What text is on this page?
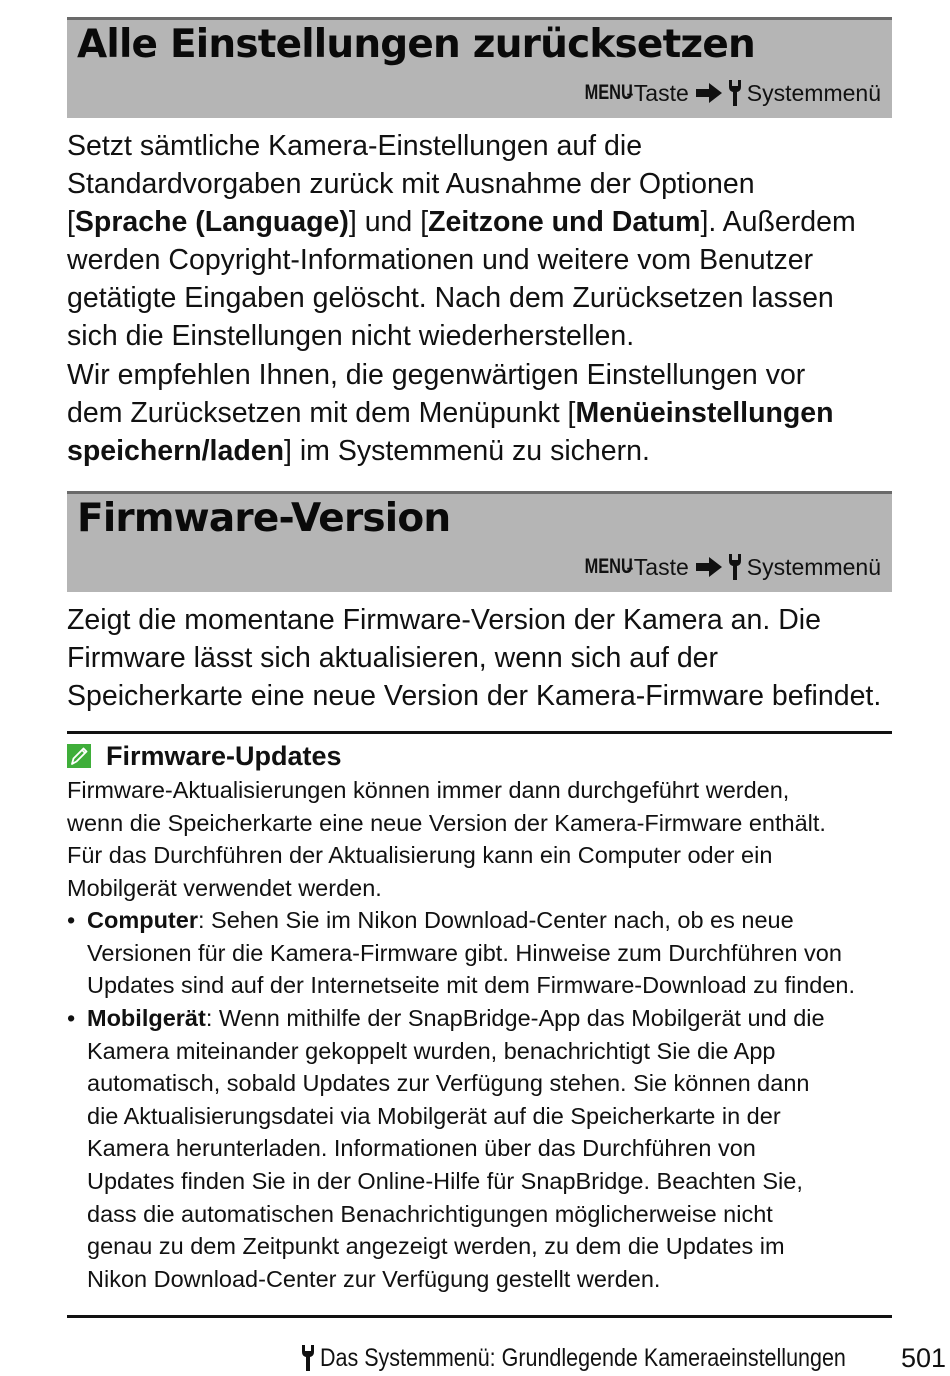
Alle Einstellungen zurücksetzen
MENU
-Taste	Systemmenü
Setzt sämtliche Kamera-Einstellungen auf die
Standardvorgaben zurück mit Ausnahme der Optionen
[Sprache (Language)] und [Zeitzone und Datum]. Außerdem
werden Copyright-Informationen und weitere vom Benutzer
getätigte Eingaben gelöscht. Nach dem Zurücksetzen lassen
sich die Einstellungen nicht wiederherstellen.
Wir empfehlen Ihnen, die gegenwärtigen Einstellungen vor
dem Zurücksetzen mit dem Menüpunkt [Menüeinstellungen
speichern/laden] im Systemmenü zu sichern.
Firmware-Version
MENU
-Taste	Systemmenü
Zeigt die momentane Firmware-Version der Kamera an. Die
Firmware lässt sich aktualisieren, wenn sich auf der
Speicherkarte eine neue Version der Kamera-Firmware befindet.
Firmware-Updates
Firmware-Aktualisierungen können immer dann durchgeführt werden,
wenn die Speicherkarte eine neue Version der Kamera-Firmware enthält.
Für das Durchführen der Aktualisierung kann ein Computer oder ein
Mobilgerät verwendet werden.
• Computer: Sehen Sie im Nikon Download-Center nach, ob es neue
Versionen für die Kamera-Firmware gibt. Hinweise zum Durchführen von
Updates sind auf der Internetseite mit dem Firmware-Download zu finden.
• Mobilgerät: Wenn mithilfe der SnapBridge-App das Mobilgerät und die
Kamera miteinander gekoppelt wurden, benachrichtigt Sie die App
automatisch, sobald Updates zur Verfügung stehen. Sie können dann
die Aktualisierungsdatei via Mobilgerät auf die Speicherkarte in der
Kamera herunterladen. Informationen über das Durchführen von
Updates finden Sie in der Online-Hilfe für SnapBridge. Beachten Sie,
dass die automatischen Benachrichtigungen möglicherweise nicht
genau zu dem Zeitpunkt angezeigt werden, zu dem die Updates im
Nikon Download-Center zur Verfügung gestellt werden.
Das Systemmenü: Grundlegende Kameraeinstellungen 501
